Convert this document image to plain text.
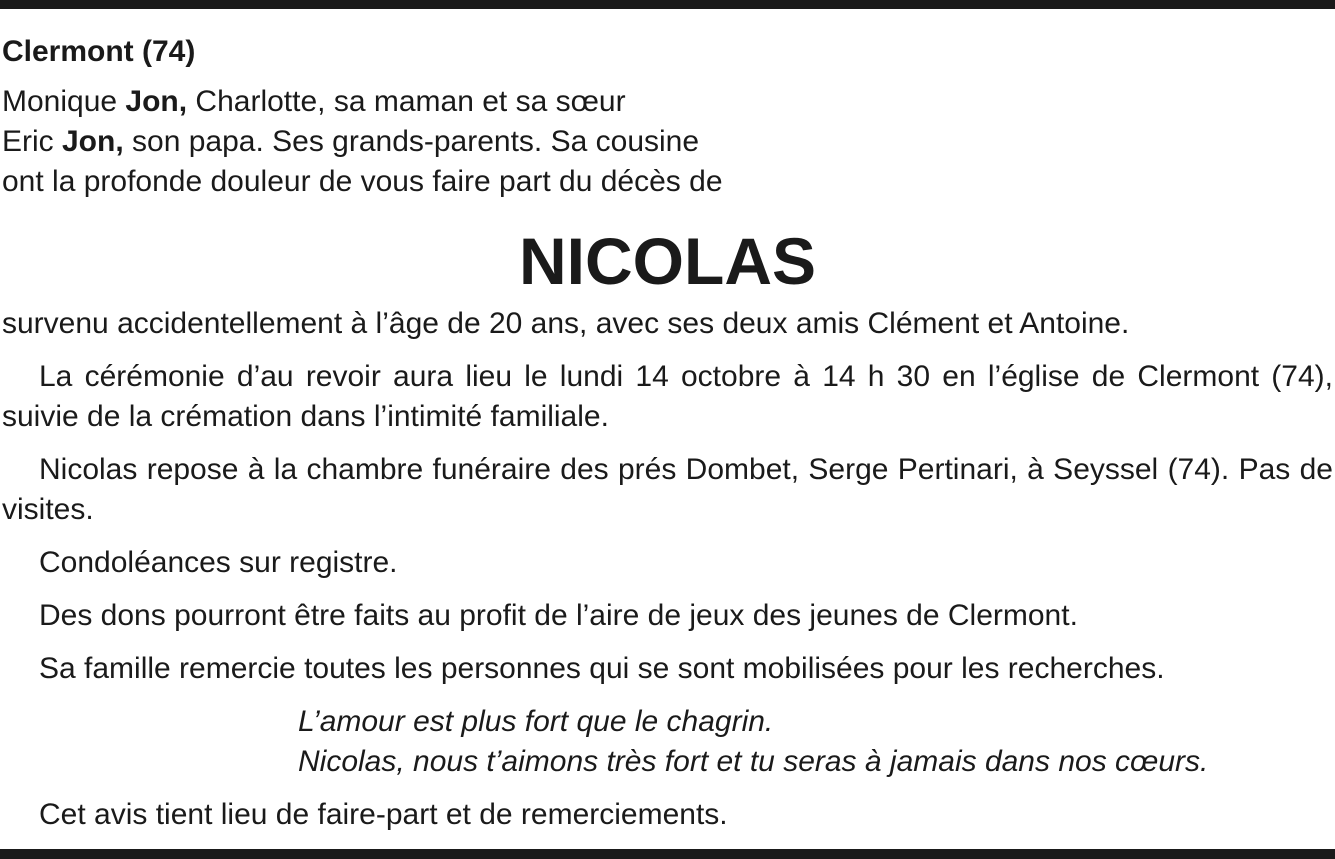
Clermont (74)
Monique Jon, Charlotte, sa maman et sa sœur
Eric Jon, son papa. Ses grands-parents. Sa cousine
ont la profonde douleur de vous faire part du décès de
NICOLAS
survenu accidentellement à l’âge de 20 ans, avec ses deux amis Clément et Antoine.
La cérémonie d’au revoir aura lieu le lundi 14 octobre à 14 h 30 en l’église de Clermont (74), suivie de la crémation dans l’intimité familiale.
Nicolas repose à la chambre funéraire des prés Dombet, Serge Pertinari, à Seyssel (74). Pas de visites.
Condoléances sur registre.
Des dons pourront être faits au profit de l’aire de jeux des jeunes de Clermont.
Sa famille remercie toutes les personnes qui se sont mobilisées pour les recherches.
L’amour est plus fort que le chagrin.
Nicolas, nous t’aimons très fort et tu seras à jamais dans nos cœurs.
Cet avis tient lieu de faire-part et de remerciements.
